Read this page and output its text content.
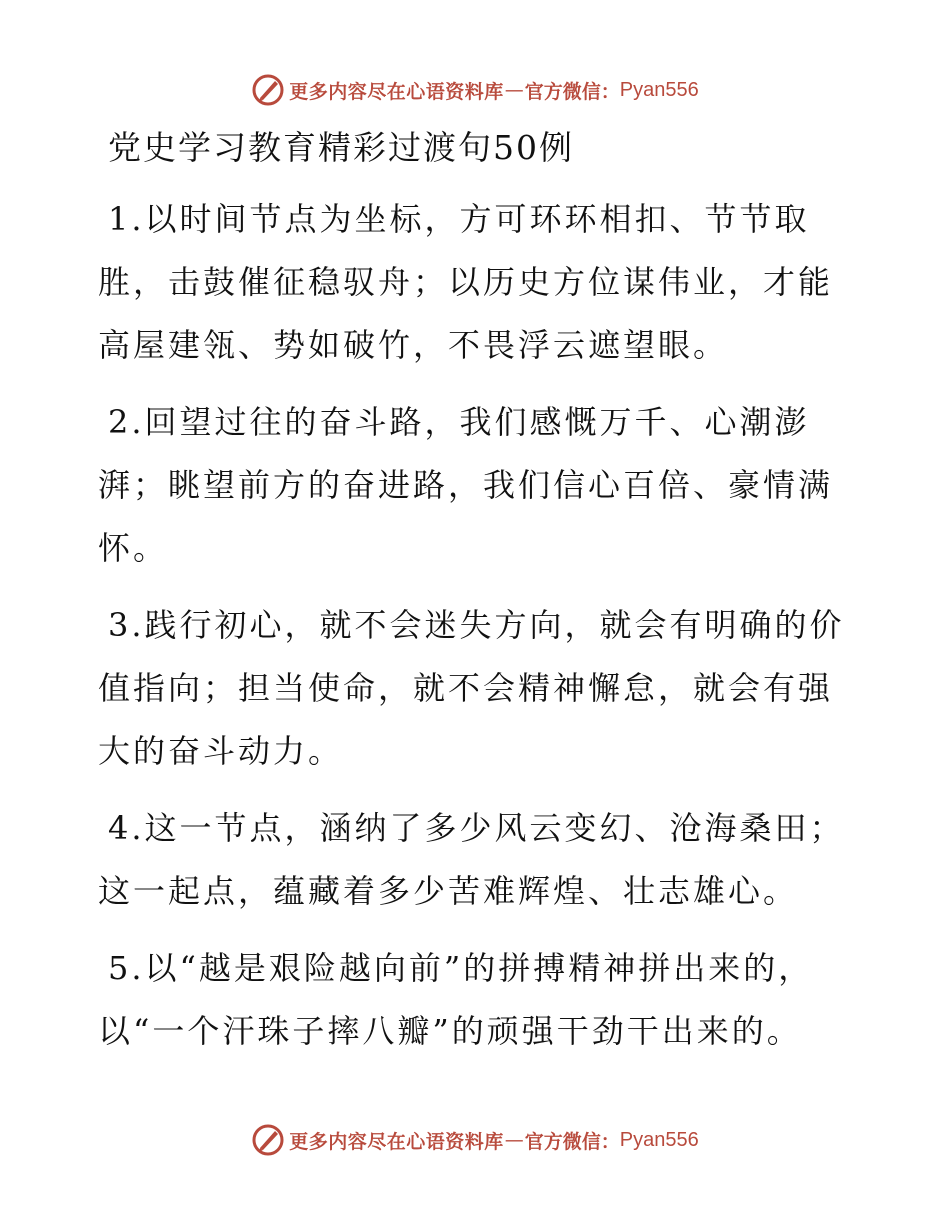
更多内容尽在心语资料库 — 官方微信： Pyan556
党史学习教育精彩过渡句50例

1.以时间节点为坐标，方可环环相扣、节节取胜，击鼓催征稳驭舟；以历史方位谋伟业，才能高屋建瓴、势如破竹，不畏浮云遮望眼。

2.回望过往的奋斗路，我们感慨万千、心潮澎湃；眺望前方的奋进路，我们信心百倍、豪情满怀。

3.践行初心，就不会迷失方向，就会有明确的价值指向；担当使命，就不会精神懈怠，就会有强大的奋斗动力。

4.这一节点，涵纳了多少风云变幻、沧海桑田；这一起点，蕴藏着多少苦难辉煌、壮志雄心。

5.以“越是艰险越向前”的拼搏精神拼出来的，以“一个汗珠子摔八瓣”的顽强干劲干出来的。

更多内容尽在心语资料库 — 官方微信： Pyan556
